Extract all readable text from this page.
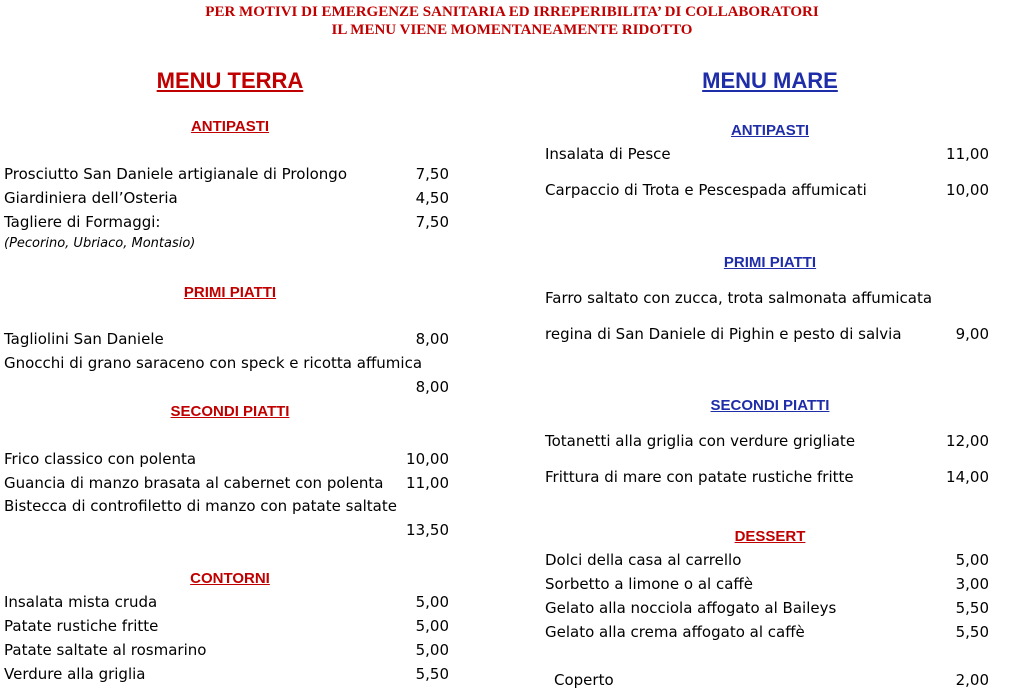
PER MOTIVI DI EMERGENZE SANITARIA ED IRREPERIBILITA’ DI COLLABORATORI
IL MENU VIENE MOMENTANEAMENTE RIDOTTO
MENU TERRA
ANTIPASTI
Prosciutto San Daniele artigianale di Prolongo	7,50
Giardiniera dell’Osteria	4,50
Tagliere di Formaggi:	7,50
(Pecorino, Ubriaco, Montasio)
PRIMI PIATTI
Tagliolini San Daniele	8,00
Gnocchi di grano saraceno con speck e ricotta affumica
8,00
SECONDI PIATTI
Frico classico con polenta	10,00
Guancia di manzo brasata al cabernet con polenta 11,00
Bistecca di controfiletto di manzo con patate saltate
13,50
CONTORNI
Insalata mista cruda	5,00
Patate rustiche fritte	5,00
Patate saltate al rosmarino	5,00
Verdure alla griglia	5,50
MENU MARE
ANTIPASTI
Insalata di Pesce	11,00
Carpaccio di Trota e Pescespada affumicati	10,00
PRIMI PIATTI
Farro saltato con zucca, trota salmonata affumicata
regina di San Daniele di Pighin e pesto di salvia	9,00
SECONDI PIATTI
Totanetti alla griglia con verdure grigliate	12,00
Frittura di mare con patate rustiche fritte	14,00
DESSERT
Dolci della casa al carrello	5,00
Sorbetto a limone o al caffè	3,00
Gelato alla nocciola affogato al Baileys	5,50
Gelato alla crema affogato al caffè	5,50
Coperto	2,00
